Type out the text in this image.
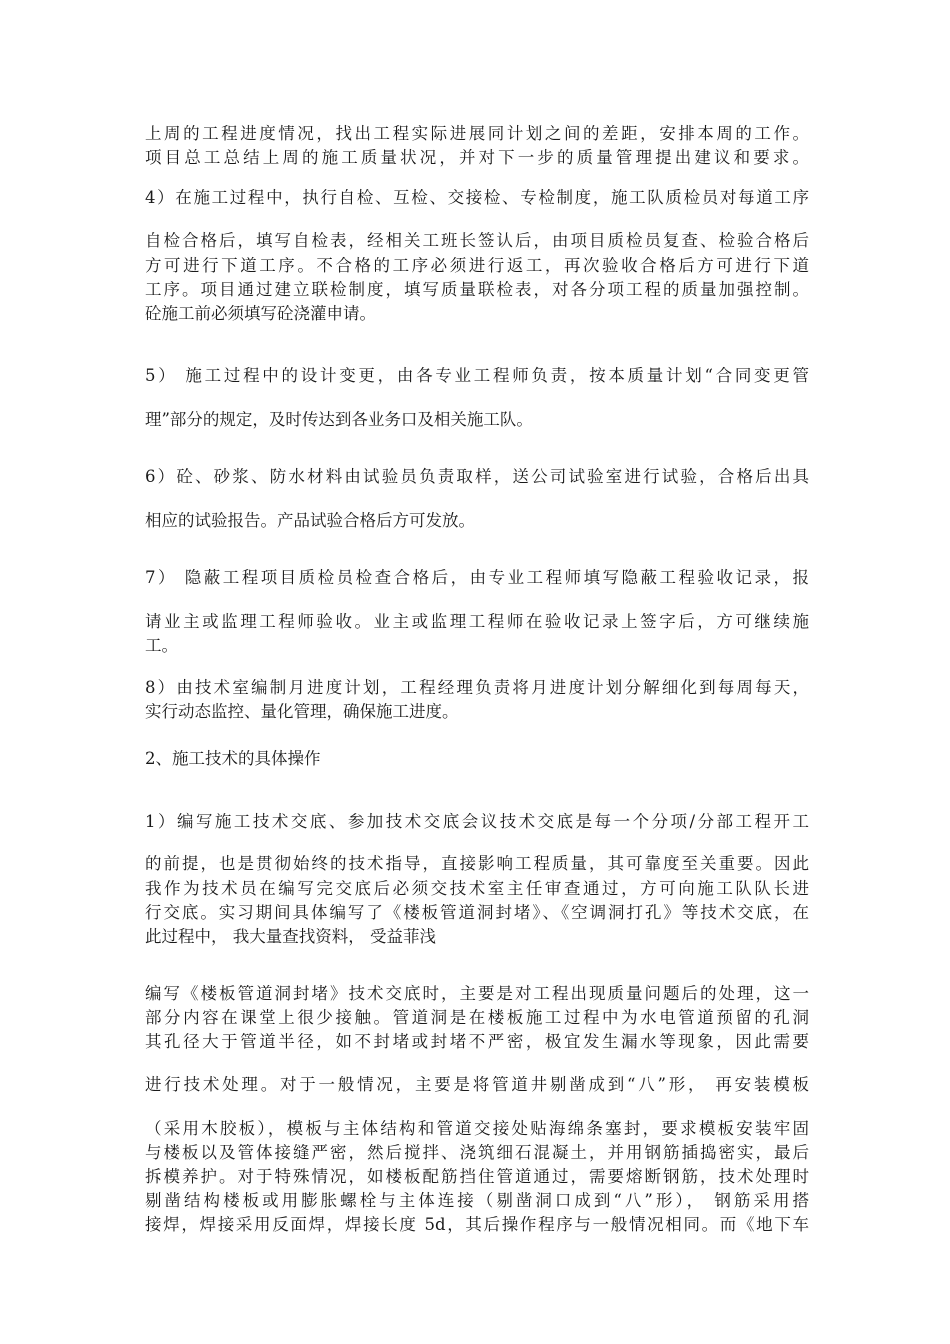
上周的工程进度情况，找出工程实际进展同计划之间的差距，安排本周的工作。
项目总工总结上周的施工质量状况，并对下一步的质量管理提出建议和要求。
4）在施工过程中，执行自检、互检、交接检、专检制度，施工队质检员对每道工序
自检合格后，填写自检表，经相关工班长签认后，由项目质检员复查、检验合格后
方可进行下道工序。不合格的工序必须进行返工，再次验收合格后方可进行下道
工序。项目通过建立联检制度，填写质量联检表，对各分项工程的质量加强控制。
砼施工前必须填写砼浇灌申请。
5） 施工过程中的设计变更，由各专业工程师负责，按本质量计划“合同变更管
理”部分的规定，及时传达到各业务口及相关施工队。
6）砼、砂浆、防水材料由试验员负责取样，送公司试验室进行试验，合格后出具
相应的试验报告。产品试验合格后方可发放。
7） 隐蔽工程项目质检员检查合格后，由专业工程师填写隐蔽工程验收记录，报
请业主或监理工程师验收。业主或监理工程师在验收记录上签字后，方可继续施
工。
8）由技术室编制月进度计划，工程经理负责将月进度计划分解细化到每周每天，
实行动态监控、量化管理，确保施工进度。
2、施工技术的具体操作
1）编写施工技术交底、参加技术交底会议技术交底是每一个分项/分部工程开工
的前提，也是贯彻始终的技术指导，直接影响工程质量，其可靠度至关重要。因此
我作为技术员在编写完交底后必须交技术室主任审查通过，方可向施工队队长进
行交底。实习期间具体编写了《楼板管道洞封堵》、《空调洞打孔》等技术交底，在
此过程中， 我大量查找资料， 受益菲浅
编写《楼板管道洞封堵》技术交底时，主要是对工程出现质量问题后的处理，这一
部分内容在课堂上很少接触。管道洞是在楼板施工过程中为水电管道预留的孔洞
其孔径大于管道半径，如不封堵或封堵不严密，极宜发生漏水等现象，因此需要
进行技术处理。对于一般情况，主要是将管道井剔凿成到“八”形， 再安装模板
（采用木胶板），模板与主体结构和管道交接处贴海绵条塞封，要求模板安装牢固
与楼板以及管体接缝严密，然后搅拌、浇筑细石混凝土，并用钢筋插捣密实，最后
拆模养护。对于特殊情况，如楼板配筋挡住管道通过，需要熔断钢筋，技术处理时
剔凿结构楼板或用膨胀螺栓与主体连接（剔凿洞口成到“八”形）， 钢筋采用搭
接焊，焊接采用反面焊，焊接长度 5d，其后操作程序与一般情况相同。而《地下车
